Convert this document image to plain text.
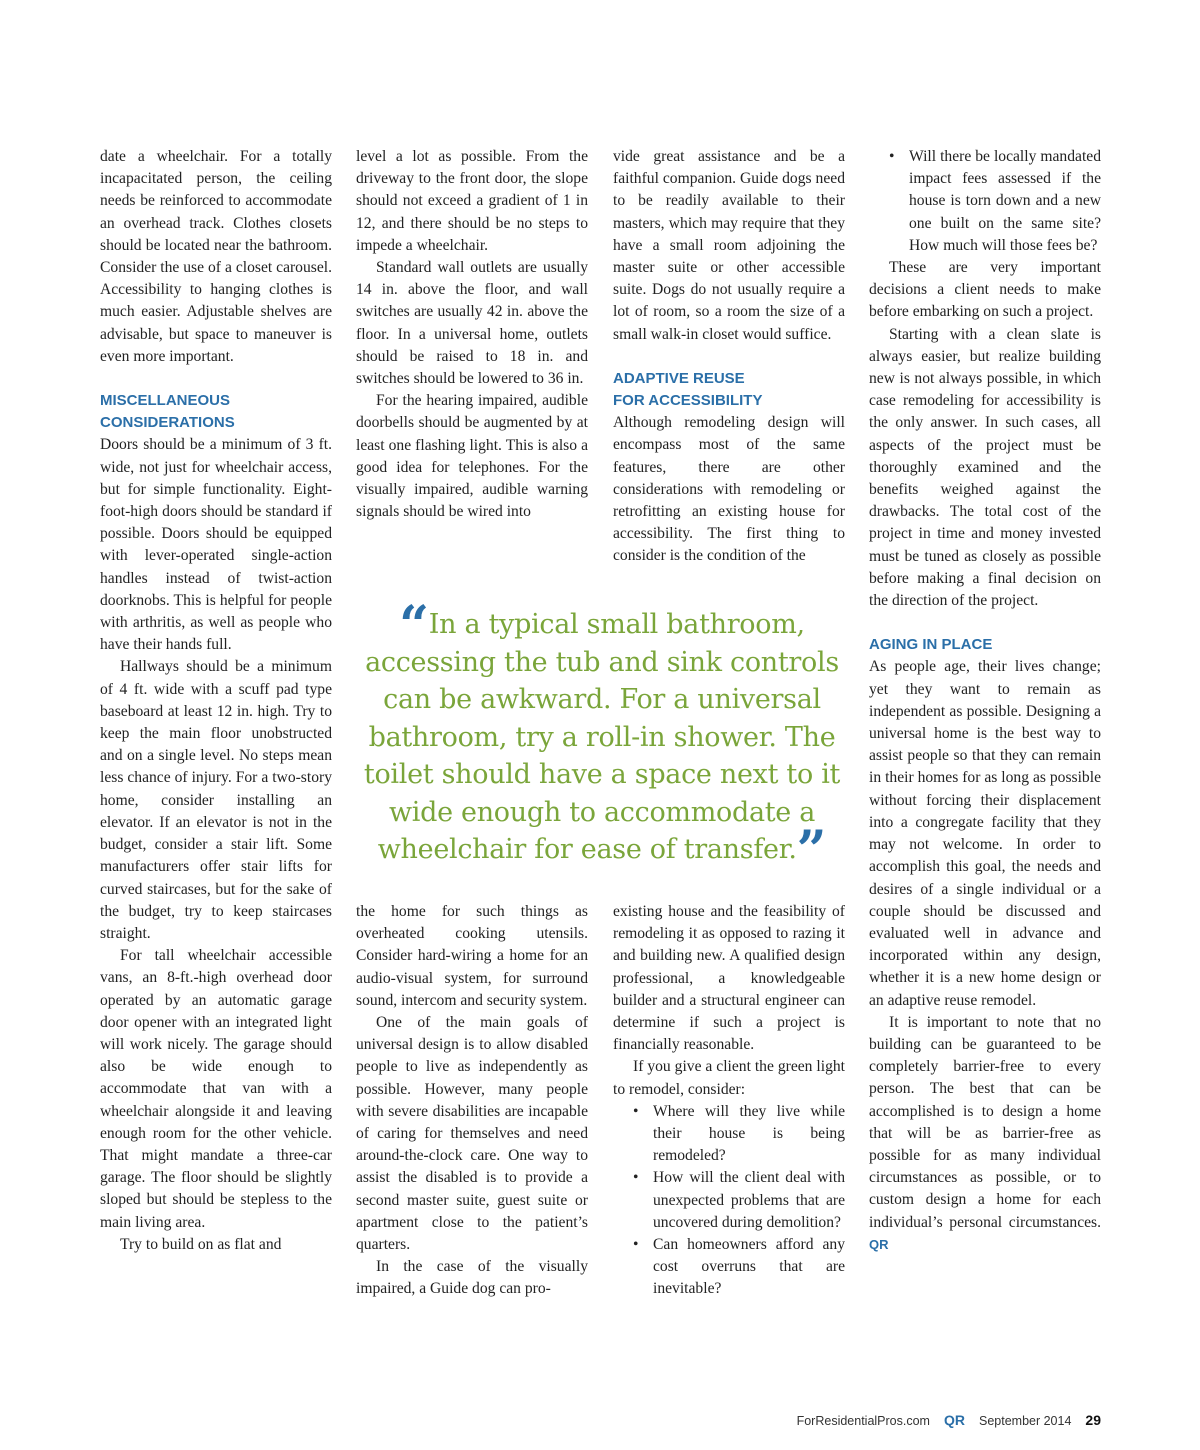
date a wheelchair. For a totally incapacitated person, the ceiling needs be reinforced to accommodate an overhead track. Clothes closets should be located near the bathroom. Consider the use of a closet carousel. Accessibility to hanging clothes is much easier. Adjustable shelves are advisable, but space to maneuver is even more important.

MISCELLANEOUS
CONSIDERATIONS

Doors should be a minimum of 3 ft. wide, not just for wheelchair access, but for simple functionality. Eight-foot-high doors should be standard if possible. Doors should be equipped with lever-operated single-action handles instead of twist-action doorknobs. This is helpful for people with arthritis, as well as people who have their hands full.

Hallways should be a minimum of 4 ft. wide with a scuff pad type baseboard at least 12 in. high. Try to keep the main floor unobstructed and on a single level. No steps mean less chance of injury. For a two-story home, consider installing an elevator. If an elevator is not in the budget, consider a stair lift. Some manufacturers offer stair lifts for curved staircases, but for the sake of the budget, try to keep staircases straight.

For tall wheelchair accessible vans, an 8-ft.-high overhead door operated by an automatic garage door opener with an integrated light will work nicely. The garage should also be wide enough to accommodate that van with a wheelchair alongside it and leaving enough room for the other vehicle. That might mandate a three-car garage. The floor should be slightly sloped but should be stepless to the main living area.

Try to build on as flat and

level a lot as possible. From the driveway to the front door, the slope should not exceed a gradient of 1 in 12, and there should be no steps to impede a wheelchair.

Standard wall outlets are usually 14 in. above the floor, and wall switches are usually 42 in. above the floor. In a universal home, outlets should be raised to 18 in. and switches should be lowered to 36 in.

For the hearing impaired, audible doorbells should be augmented by at least one flashing light. This is also a good idea for telephones. For the visually impaired, audible warning signals should be wired into

the home for such things as overheated cooking utensils. Consider hard-wiring a home for an audio-visual system, for surround sound, intercom and security system.

One of the main goals of universal design is to allow disabled people to live as independently as possible. However, many people with severe disabilities are incapable of caring for themselves and need around-the-clock care. One way to assist the disabled is to provide a second master suite, guest suite or apartment close to the patient’s quarters.

In the case of the visually impaired, a Guide dog can pro-

vide great assistance and be a faithful companion. Guide dogs need to be readily available to their masters, which may require that they have a small room adjoining the master suite or other accessible suite. Dogs do not usually require a lot of room, so a room the size of a small walk-in closet would suffice.

ADAPTIVE REUSE
FOR ACCESSIBILITY

Although remodeling design will encompass most of the same features, there are other considerations with remodeling or retrofitting an existing house for accessibility. The first thing to consider is the condition of the

existing house and the feasibility of remodeling it as opposed to razing it and building new. A qualified design professional, a knowledgeable builder and a structural engineer can determine if such a project is financially reasonable.

If you give a client the green light to remodel, consider:

• Where will they live while their house is being remodeled?
• How will the client deal with unexpected problems that are uncovered during demolition?
• Can homeowners afford any cost overruns that are inevitable?
• Will there be locally mandated impact fees assessed if the house is torn down and a new one built on the same site? How much will those fees be?

These are very important decisions a client needs to make before embarking on such a project.

Starting with a clean slate is always easier, but realize building new is not always possible, in which case remodeling for accessibility is the only answer. In such cases, all aspects of the project must be thoroughly examined and the benefits weighed against the drawbacks. The total cost of the project in time and money invested must be tuned as closely as possible before making a final decision on the direction of the project.

AGING IN PLACE

As people age, their lives change; yet they want to remain as independent as possible. Designing a universal home is the best way to assist people so that they can remain in their homes for as long as possible without forcing their displacement into a congregate facility that they may not welcome. In order to accomplish this goal, the needs and desires of a single individual or a couple should be discussed and evaluated well in advance and incorporated within any design, whether it is a new home design or an adaptive reuse remodel.

It is important to note that no building can be guaranteed to be completely barrier-free to every person. The best that can be accomplished is to design a home that will be as barrier-free as possible for as many individual circumstances as possible, or to custom design a home for each individual’s personal circumstances. QR

“In a typical small bathroom, accessing the tub and sink controls can be awkward. For a universal bathroom, try a roll-in shower. The toilet should have a space next to it wide enough to accommodate a wheelchair for ease of transfer.”
ForResidentialPros.com QR September 2014 29
